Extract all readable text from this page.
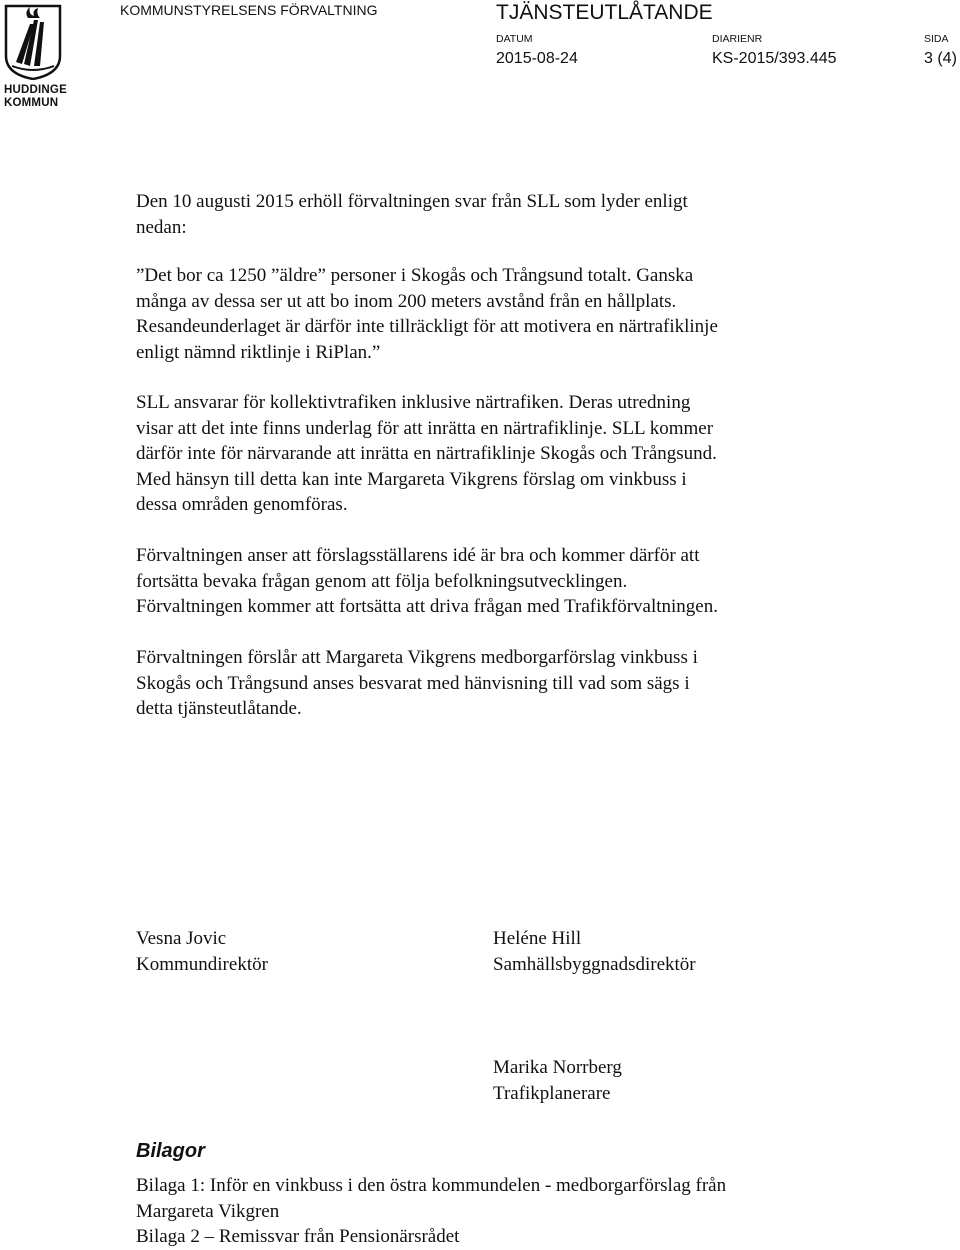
HUDDINGE
KOMMUN
KOMMUNSTYRELSENS FÖRVALTNING	TJÄNSTEUTLÅTANDE
DATUM
2015-08-24
DIARIENR
KS-2015/393.445
SIDA
3 (4)
Den 10 augusti 2015 erhöll förvaltningen svar från SLL som lyder enligt
nedan:
”Det bor ca 1250 ”äldre” personer i Skogås och Trångsund totalt. Ganska
många av dessa ser ut att bo inom 200 meters avstånd från en hållplats.
Resandeunderlaget är därför inte tillräckligt för att motivera en närtrafiklinje
enligt nämnd riktlinje i RiPlan.”
SLL ansvarar för kollektivtrafiken inklusive närtrafiken. Deras utredning
visar att det inte finns underlag för att inrätta en närtrafiklinje. SLL kommer
därför inte för närvarande att inrätta en närtrafiklinje Skogås och Trångsund.
Med hänsyn till detta kan inte Margareta Vikgrens förslag om vinkbuss i
dessa områden genomföras.
Förvaltningen anser att förslagsställarens idé är bra och kommer därför att
fortsätta bevaka frågan genom att följa befolkningsutvecklingen.
Förvaltningen kommer att fortsätta att driva frågan med Trafikförvaltningen.
Förvaltningen förslår att Margareta Vikgrens medborgarförslag vinkbuss i
Skogås och Trångsund anses besvarat med hänvisning till vad som sägs i
detta tjänsteutlåtande.
Vesna Jovic
Kommundirektör
Heléne Hill
Samhällsbyggnadsdirektör
Marika Norrberg
Trafikplanerare
Bilagor
Bilaga 1: Inför en vinkbuss i den östra kommundelen - medborgarförslag från
Margareta Vikgren
Bilaga 2 – Remissvar från Pensionärsrådet
